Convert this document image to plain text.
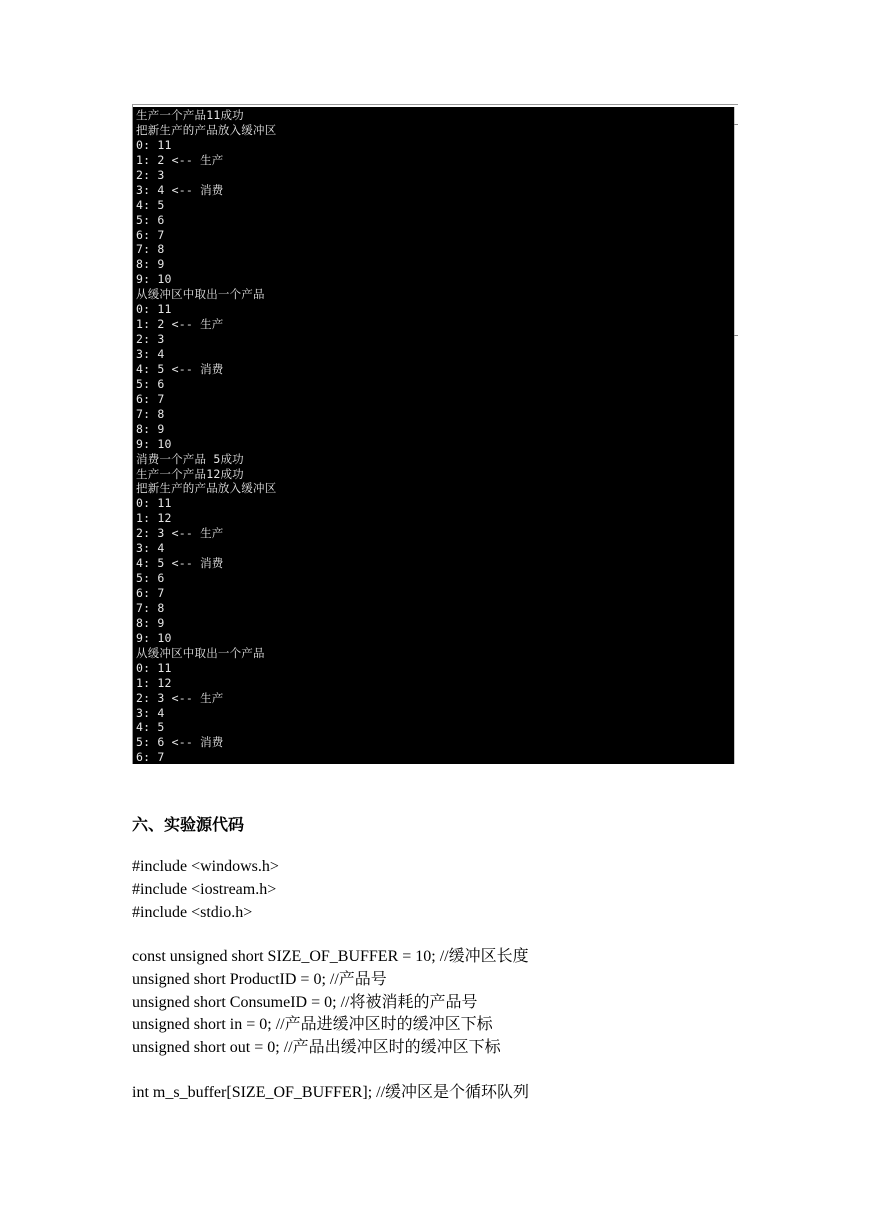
生产一个产品11成功
把新生产的产品放入缓冲区
0: 11
1: 2 <-- 生产
2: 3
3: 4 <-- 消费
4: 5
5: 6
6: 7
7: 8
8: 9
9: 10
从缓冲区中取出一个产品
0: 11
1: 2 <-- 生产
2: 3
3: 4
4: 5 <-- 消费
5: 6
6: 7
7: 8
8: 9
9: 10
消费一个产品 5成功
生产一个产品12成功
把新生产的产品放入缓冲区
0: 11
1: 12
2: 3 <-- 生产
3: 4
4: 5 <-- 消费
5: 6
6: 7
7: 8
8: 9
9: 10
从缓冲区中取出一个产品
0: 11
1: 12
2: 3 <-- 生产
3: 4
4: 5
5: 6 <-- 消费
6: 7
六、实验源代码
#include <windows.h>
#include <iostream.h>
#include <stdio.h>
const unsigned short SIZE_OF_BUFFER = 10; //缓冲区长度
unsigned short ProductID = 0; //产品号
unsigned short ConsumeID = 0; //将被消耗的产品号
unsigned short in = 0; //产品进缓冲区时的缓冲区下标
unsigned short out = 0; //产品出缓冲区时的缓冲区下标
int m_s_buffer[SIZE_OF_BUFFER]; //缓冲区是个循环队列
